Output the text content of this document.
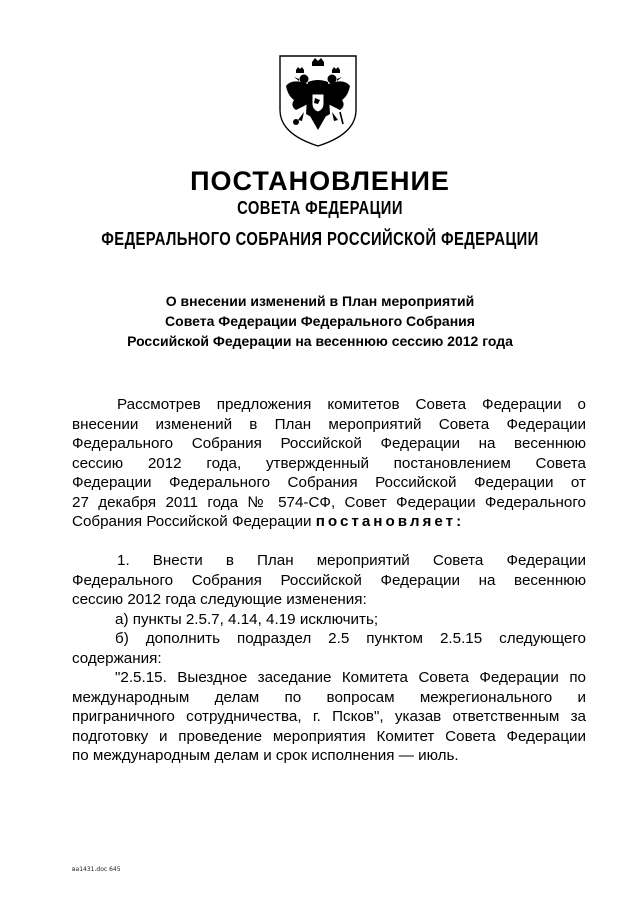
ПОСТАНОВЛЕНИЕ
СОВЕТА ФЕДЕРАЦИИ
ФЕДЕРАЛЬНОГО СОБРАНИЯ РОССИЙСКОЙ ФЕДЕРАЦИИ
О внесении изменений в План мероприятий
Совета Федерации Федерального Собрания
Российской Федерации на весеннюю сессию 2012 года
Рассмотрев предложения комитетов Совета Федерации о
внесении изменений в План мероприятий Совета Федерации
Федерального Собрания Российской Федерации на весеннюю
сессию 2012 года, утвержденный постановлением Совета
Федерации Федерального Собрания Российской Федерации от
27 декабря 2011 года № 574-СФ, Совет Федерации Федерального
Собрания Российской Федерации постановляет:
1. Внести в План мероприятий Совета Федерации
Федерального Собрания Российской Федерации на весеннюю
сессию 2012 года следующие изменения:
а) пункты 2.5.7, 4.14, 4.19 исключить;
б) дополнить подраздел 2.5 пунктом 2.5.15 следующего
содержания:
"2.5.15. Выездное заседание Комитета Совета Федерации по
международным делам по вопросам межрегионального и
приграничного сотрудничества, г. Псков", указав ответственным за
подготовку и проведение мероприятия Комитет Совета Федерации
по международным делам и срок исполнения — июль.
ва1431.doc 645
